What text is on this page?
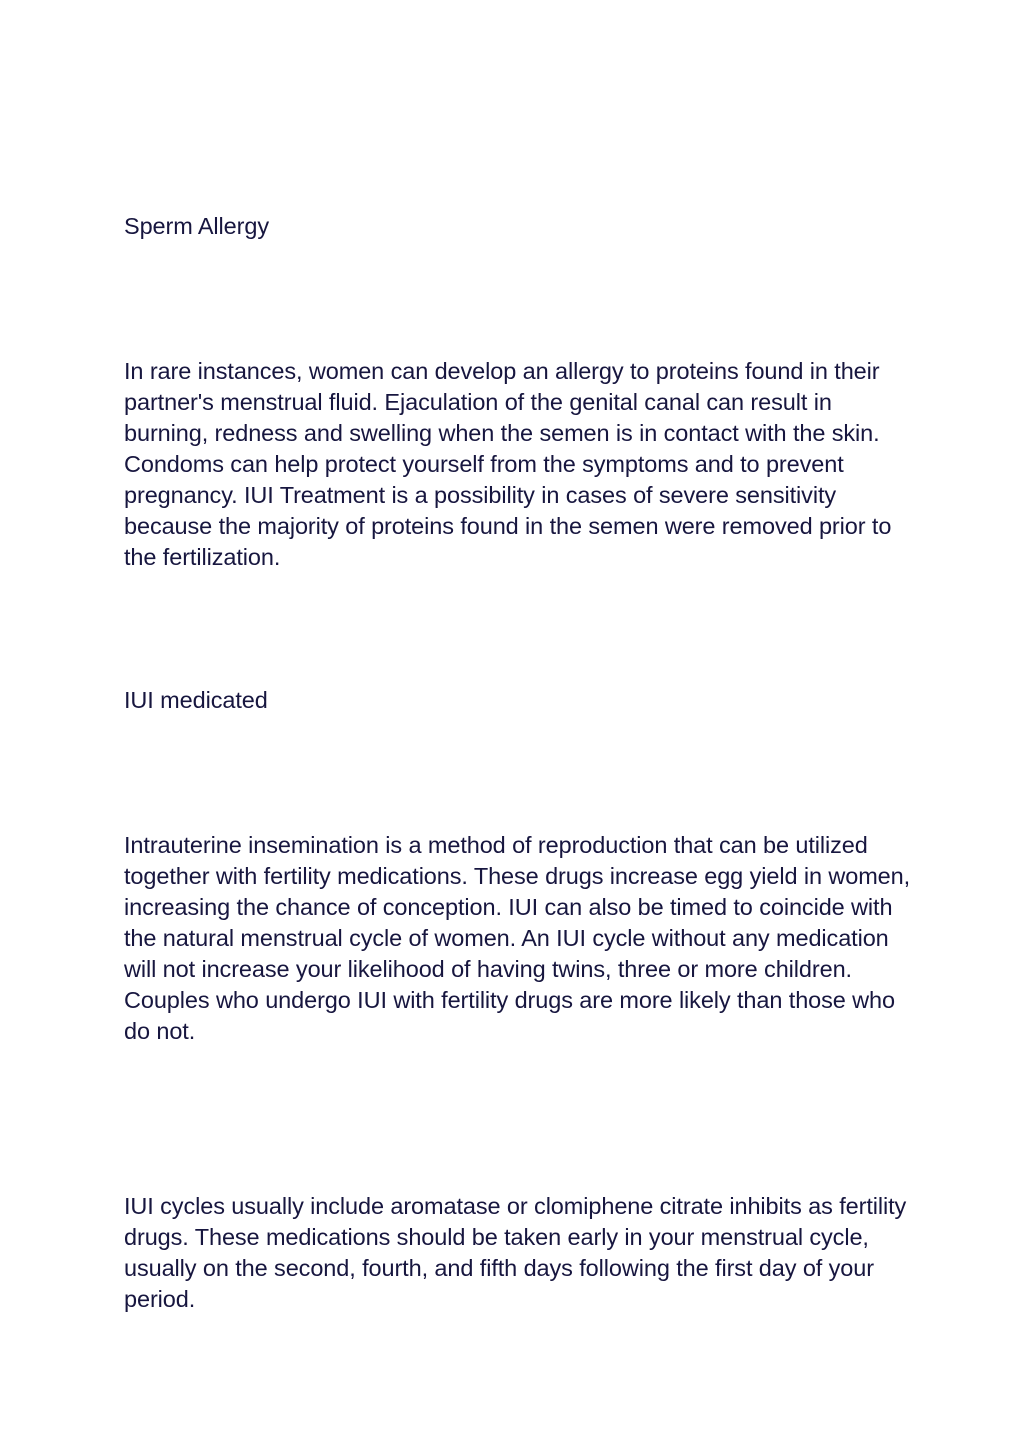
Sperm Allergy

In rare instances, women can develop an allergy to proteins found in their partner's menstrual fluid. Ejaculation of the genital canal can result in burning, redness and swelling when the semen is in contact with the skin. Condoms can help protect yourself from the symptoms and to prevent pregnancy. IUI Treatment is a possibility in cases of severe sensitivity because the majority of proteins found in the semen were removed prior to the fertilization.

IUI medicated

Intrauterine insemination is a method of reproduction that can be utilized together with fertility medications. These drugs increase egg yield in women, increasing the chance of conception. IUI can also be timed to coincide with the natural menstrual cycle of women. An IUI cycle without any medication will not increase your likelihood of having twins, three or more children. Couples who undergo IUI with fertility drugs are more likely than those who do not.

IUI cycles usually include aromatase or clomiphene citrate inhibits as fertility drugs. These medications should be taken early in your menstrual cycle, usually on the second, fourth, and fifth days following the first day of your period.
